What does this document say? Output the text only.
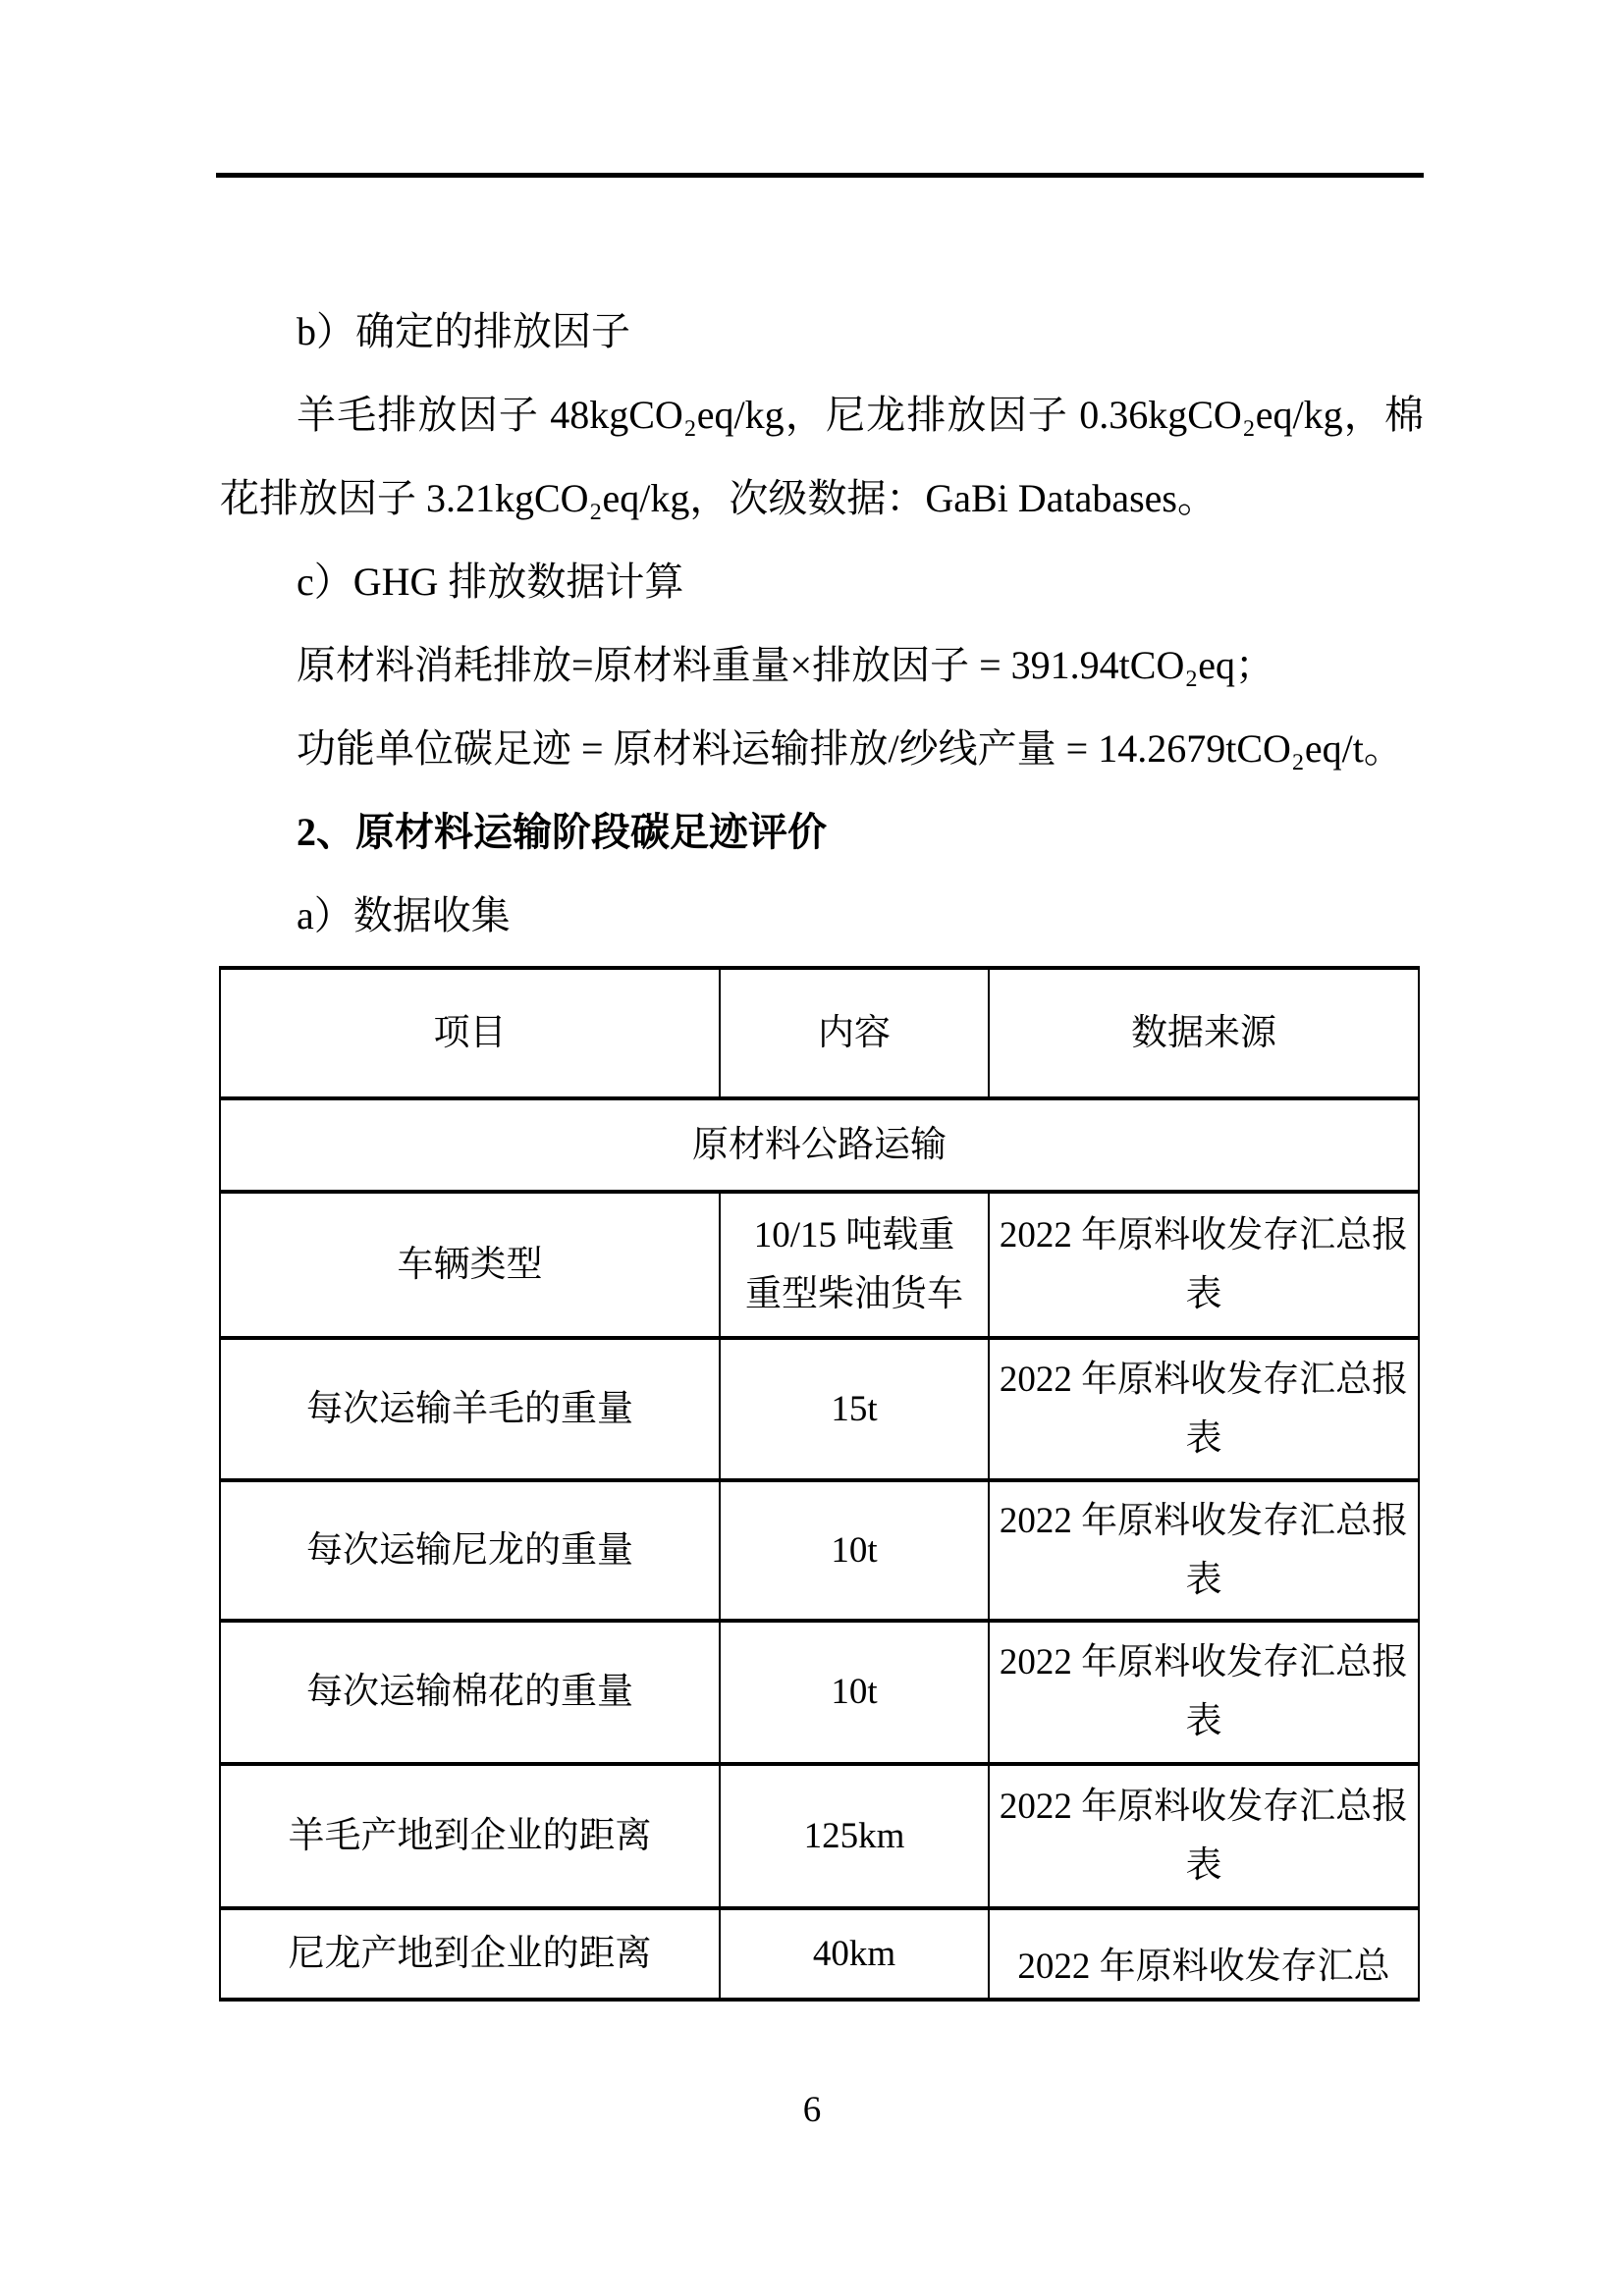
b）确定的排放因子

羊毛排放因子 48kgCO₂eq/kg，尼龙排放因子 0.36kgCO₂eq/kg，棉花排放因子 3.21kgCO₂eq/kg，次级数据：GaBi Databases。

c）GHG 排放数据计算

原材料消耗排放=原材料重量×排放因子 = 391.94tCO₂eq；

功能单位碳足迹 = 原材料运输排放/纱线产量 = 14.2679tCO₂eq/t。

2、原材料运输阶段碳足迹评价

a）数据收集

项目	内容	数据来源
原材料公路运输		
车辆类型	10/15 吨载重重型柴油货车	2022 年原料收发存汇总报表
每次运输羊毛的重量	15t	2022 年原料收发存汇总报表
每次运输尼龙的重量	10t	2022 年原料收发存汇总报表
每次运输棉花的重量	10t	2022 年原料收发存汇总报表
羊毛产地到企业的距离	125km	2022 年原料收发存汇总报表
尼龙产地到企业的距离	40km	2022 年原料收发存汇总
6
